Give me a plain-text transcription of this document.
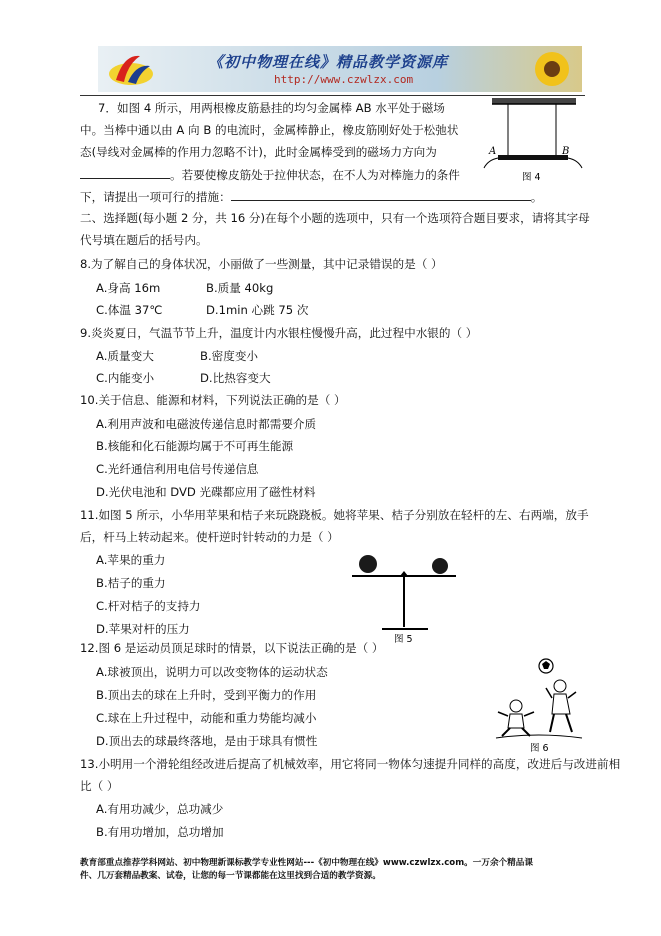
《初中物理在线》精品教学资源库
http://www.czwlzx.com
7．如图 4 所示，用两根橡皮筋悬挂的均匀金属棒 AB 水平处于磁场
中。当棒中通以由 A 向 B 的电流时，金属棒静止，橡皮筋刚好处于松弛状
态(导线对金属棒的作用力忽略不计)，此时金属棒受到的磁场力方向为
。若要使橡皮筋处于拉伸状态，在不人为对棒施力的条件
下，请提出一项可行的措施：	。
A	B
图 4
二、选择题(每小题 2 分，共 16 分)在每个小题的选项中，只有一个选项符合题目要求，请将其字母
代号填在题后的括号内。
8.为了解自己的身体状况，小丽做了一些测量，其中记录错误的是（ ）
A.身高 16m	B.质量 40kg
C.体温 37℃	D.1min 心跳 75 次
9.炎炎夏日，气温节节上升，温度计内水银柱慢慢升高，此过程中水银的（ ）
A.质量变大	B.密度变小
C.内能变小	D.比热容变大
10.关于信息、能源和材料，下列说法正确的是（ ）
A.利用声波和电磁波传递信息时都需要介质
B.核能和化石能源均属于不可再生能源
C.光纤通信利用电信号传递信息
D.光伏电池和 DVD 光碟都应用了磁性材料
11.如图 5 所示，小华用苹果和桔子来玩跷跷板。她将苹果、桔子分别放在轻杆的左、右两端，放手
后，杆马上转动起来。使杆逆时针转动的力是（ ）
A.苹果的重力
B.桔子的重力
C.杆对桔子的支持力
D.苹果对杆的压力
图 5
12.图 6 是运动员顶足球时的情景，以下说法正确的是（ ）
A.球被顶出，说明力可以改变物体的运动状态
B.顶出去的球在上升时，受到平衡力的作用
C.球在上升过程中，动能和重力势能均减小
D.顶出去的球最终落地，是由于球具有惯性
图 6
13.小明用一个滑轮组经改进后提高了机械效率，用它将同一物体匀速提升同样的高度，改进后与改进前相
比（ ）
A.有用功减少，总功减少
B.有用功增加，总功增加
教育部重点推荐学科网站、初中物理新课标教学专业性网站---《初中物理在线》www.czwlzx.com。一万余个精品课
件、几万套精品教案、试卷，让您的每一节课都能在这里找到合适的教学资源。
